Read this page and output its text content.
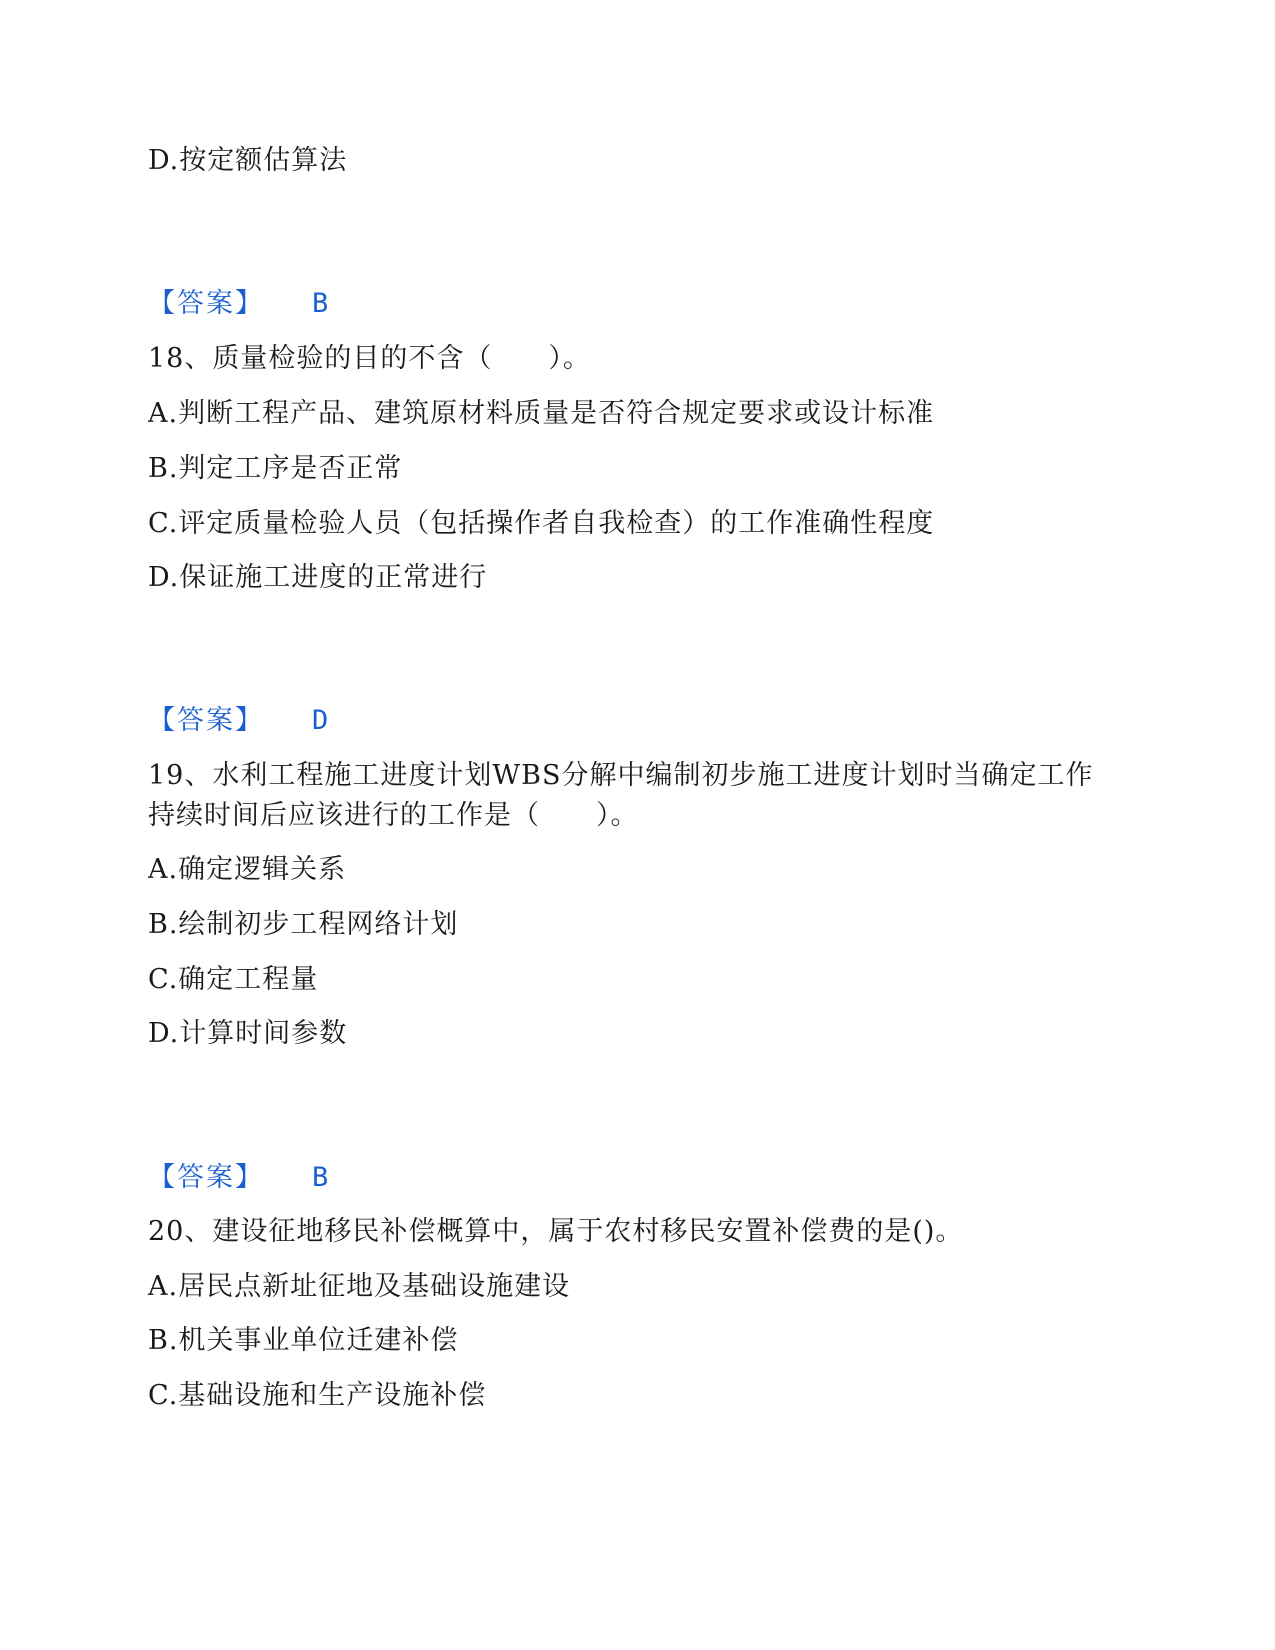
D.按定额估算法
【答案】 B
18、质量检验的目的不含（　　）。
A.判断工程产品、建筑原材料质量是否符合规定要求或设计标准
B.判定工序是否正常
C.评定质量检验人员（包括操作者自我检查）的工作准确性程度
D.保证施工进度的正常进行
【答案】 D
19、水利工程施工进度计划WBS分解中编制初步施工进度计划时当确定工作
持续时间后应该进行的工作是（　　）。
A.确定逻辑关系
B.绘制初步工程网络计划
C.确定工程量
D.计算时间参数
【答案】 B
20、建设征地移民补偿概算中，属于农村移民安置补偿费的是()。
A.居民点新址征地及基础设施建设
B.机关事业单位迁建补偿
C.基础设施和生产设施补偿
